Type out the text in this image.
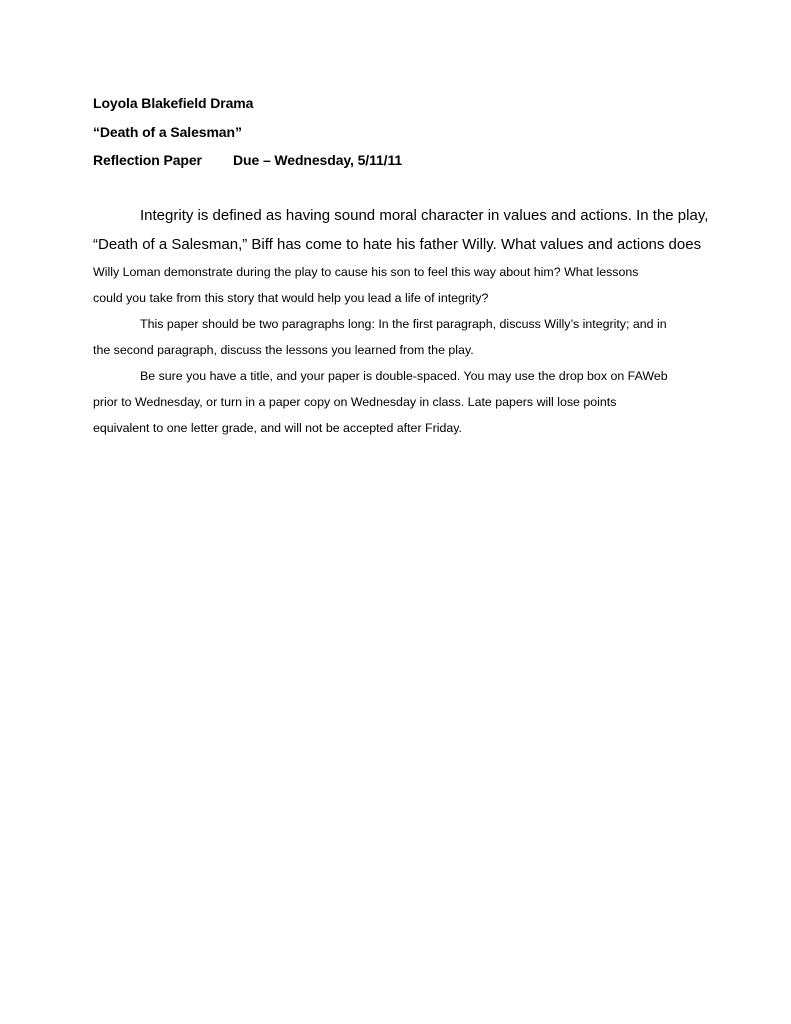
Loyola Blakefield Drama
“Death of a Salesman”
Reflection Paper Due – Wednesday, 5/11/11
Integrity is defined as having sound moral character in values and actions. In the play,
“Death of a Salesman,” Biff has come to hate his father Willy. What values and actions does
Willy Loman demonstrate during the play to cause his son to feel this way about him? What lessons
could you take from this story that would help you lead a life of integrity?
This paper should be two paragraphs long: In the first paragraph, discuss Willy’s integrity; and in
the second paragraph, discuss the lessons you learned from the play.
Be sure you have a title, and your paper is double-spaced. You may use the drop box on FAWeb
prior to Wednesday, or turn in a paper copy on Wednesday in class. Late papers will lose points
equivalent to one letter grade, and will not be accepted after Friday.
